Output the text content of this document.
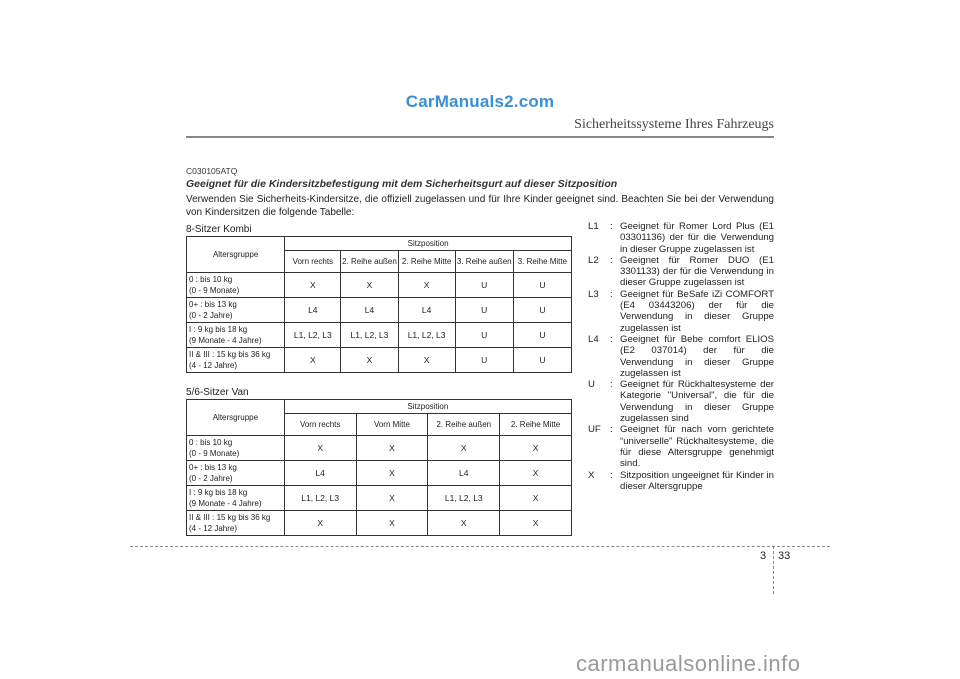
CarManuals2.com
Sicherheitssysteme Ihres Fahrzeugs
C030105ATQ
Geeignet für die Kindersitzbefestigung mit dem Sicherheitsgurt auf dieser Sitzposition
Verwenden Sie Sicherheits-Kindersitze, die offiziell zugelassen und für Ihre Kinder geeignet sind. Beachten Sie bei der Verwendung von Kindersitzen die folgende Tabelle:
8-Sitzer Kombi
Altersgruppe	Sitzposition				
	Vorn rechts	2. Reihe außen	2. Reihe Mitte	3. Reihe außen	3. Reihe Mitte

0 : bis 10 kg
(0 - 9 Monate)	X	X	X	U	U

0+ : bis 13 kg
(0 - 2 Jahre)	L4	L4	L4	U	U

I : 9 kg bis 18 kg
(9 Monate - 4 Jahre)	L1, L2, L3	L1, L2, L3	L1, L2, L3	U	U

II & III : 15 kg bis 36 kg
(4 - 12 Jahre)	X	X	X	U	U
5/6-Sitzer Van
Altersgruppe	Sitzposition			
	Vorn rechts	Vorn Mitte	2. Reihe außen	2. Reihe Mitte

0 : bis 10 kg
(0 - 9 Monate)	X	X	X	X

0+ : bis 13 kg
(0 - 2 Jahre)	L4	X	L4	X

I : 9 kg bis 18 kg
(9 Monate - 4 Jahre)	L1, L2, L3	X	L1, L2, L3	X

II & III : 15 kg bis 36 kg
(4 - 12 Jahre)	X	X	X	X
L1	: Geeignet für Romer Lord Plus (E1 03301136) der für die Verwendung in dieser Gruppe zugelassen ist
L2	: Geeignet für Romer DUO (E1 3301133) der für die Verwendung in dieser Gruppe zugelassen ist
L3	: Geeignet für BeSafe iZi COMFORT (E4 03443206) der für die Verwendung in dieser Gruppe zugelassen ist
L4	: Geeignet für Bebe comfort ELIOS (E2 037014) der für die Verwendung in dieser Gruppe zugelassen ist
U	: Geeignet für Rückhaltesysteme der Kategorie "Universal", die für die Verwendung in dieser Gruppe zugelassen sind
UF : Geeignet für nach vorn gerichtete “universelle” Rückhaltesysteme, die für diese Altersgruppe genehmigt sind.
X	: Sitzposition ungeeignet für Kinder in dieser Altersgruppe
3 33
carmanualsonline.info
